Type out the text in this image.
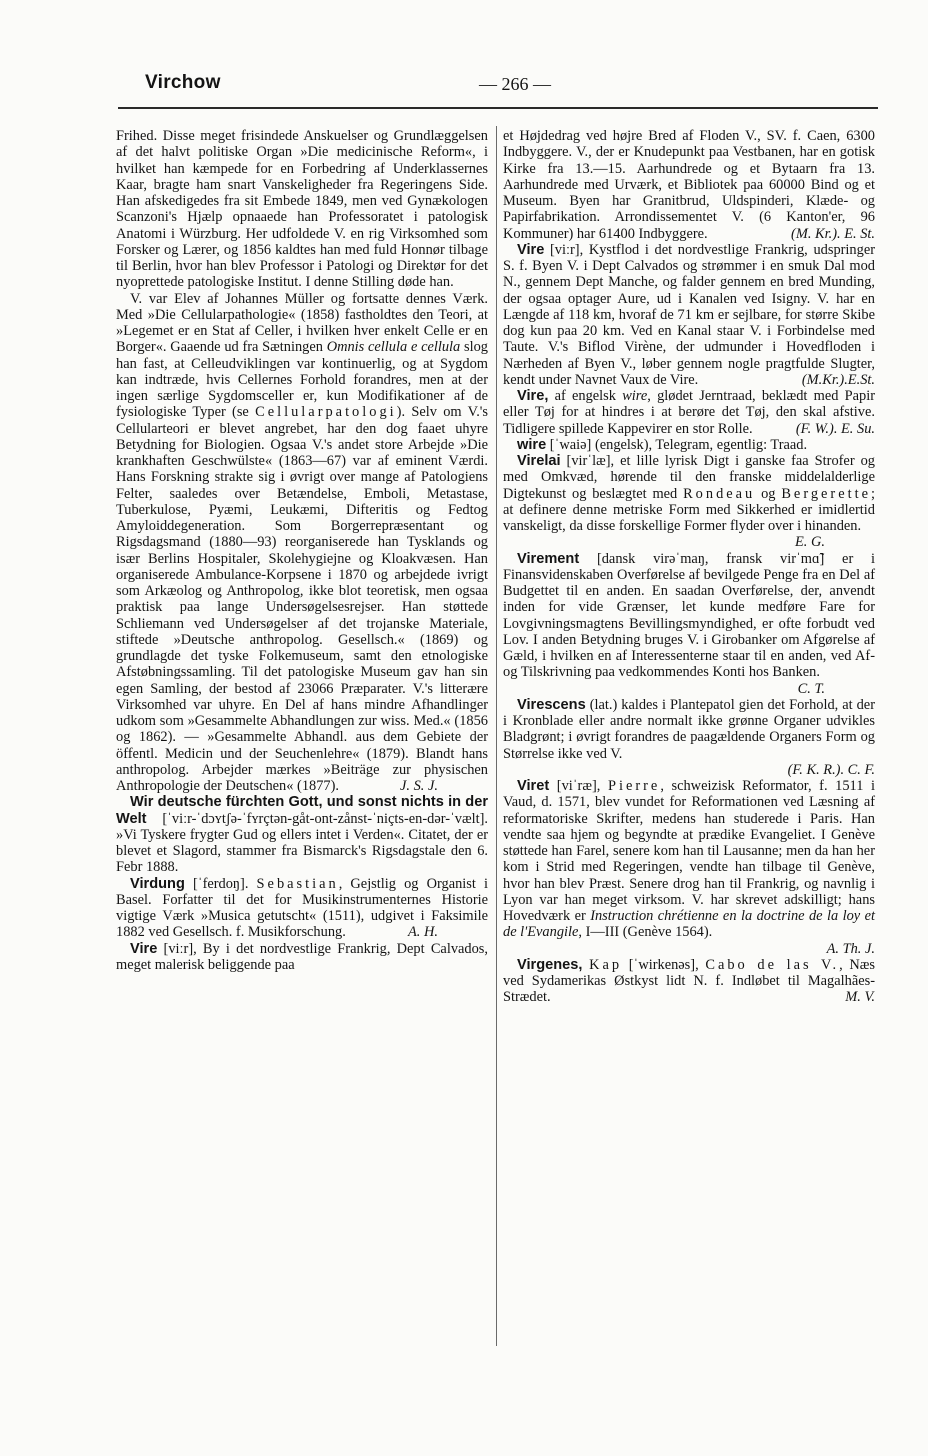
Virchow	— 266 —

Frihed. Disse meget frisindede Anskuelser og Grundlæggelsen af det halvt politiske Organ »Die medicinische Reform«, i hvilket han kæmpede for en Forbedring af Underklassernes Kaar, bragte ham snart Vanskeligheder fra Regeringens Side. Han afskedigedes fra sit Embede 1849, men ved Gynækologen Scanzoni's Hjælp opnaaede han Professoratet i patologisk Anatomi i Würzburg. Her udfoldede V. en rig Virksomhed som Forsker og Lærer, og 1856 kaldtes han med fuld Honnør tilbage til Berlin, hvor han blev Professor i Patologi og Direktør for det nyoprettede patologiske Institut. I denne Stilling døde han.

V. var Elev af Johannes Müller og fortsatte dennes Værk. Med »Die Cellularpathologie« (1858) fastholdtes den Teori, at »Legemet er en Stat af Celler, i hvilken hver enkelt Celle er en Borger«. Gaaende ud fra Sætningen Omnis cellula e cellula slog han fast, at Celleudviklingen var kontinuerlig, og at Sygdom kan indtræde, hvis Cellernes Forhold forandres, men at der ingen særlige Sygdomsceller er, kun Modifikationer af de fysiologiske Typer (se Cellularpatologi). Selv om V.'s Cellularteori er blevet angrebet, har den dog faaet uhyre Betydning for Biologien. Ogsaa V.'s andet store Arbejde »Die krankhaften Geschwülste« (1863—67) var af eminent Værdi. Hans Forskning strakte sig i øvrigt over mange af Patologiens Felter, saaledes over Betændelse, Emboli, Metastase, Tuberkulose, Pyæmi, Leukæmi, Difteritis og Fedtog Amyloiddegeneration. Som Borgerrepræsentant og Rigsdagsmand (1880—93) reorganiserede han Tysklands og især Berlins Hospitaler, Skolehygiejne og Kloakvæsen. Han organiserede Ambulance-Korpsene i 1870 og arbejdede ivrigt som Arkæolog og Anthropolog, ikke blot teoretisk, men ogsaa praktisk paa lange Undersøgelsesrejser. Han støttede Schliemann ved Undersøgelser af det trojanske Materiale, stiftede »Deutsche anthropolog. Gesellsch.« (1869) og grundlagde det tyske Folkemuseum, samt den etnologiske Afstøbningssamling. Til det patologiske Museum gav han sin egen Samling, der bestod af 23066 Præparater. V.'s litterære Virksomhed var uhyre. En Del af hans mindre Afhandlinger udkom som »Gesammelte Abhandlungen zur wiss. Med.« (1856 og 1862). — »Gesammelte Abhandl. aus dem Gebiete der öffentl. Medicin und der Seuchenlehre« (1879). Blandt hans anthropolog. Arbejder mærkes »Beiträge zur physischen Anthropologie der Deutschen« (1877).	J. S. J.

Wir deutsche fürchten Gott, und sonst nichts in der Welt [ˈviːr-ˈdɔʏtʃə-ˈfʏrçtən-gåt-ont-zånst-ˈniçts-en-dər-ˈvælt]. »Vi Tyskere frygter Gud og ellers intet i Verden«. Citatet, der er blevet et Slagord, stammer fra Bismarck's Rigsdagstale den 6. Febr 1888.

Virdung [ˈferdoŋ]. Sebastian, Gejstlig og Organist i Basel. Forfatter til det for Musikinstrumenternes Historie vigtige Værk »Musica getutscht« (1511), udgivet i Faksimile 1882 ved Gesellsch. f. Musikforschung.	A. H.

Vire [viːr], By i det nordvestlige Frankrig, Dept Calvados, meget malerisk beliggende paa

et Højdedrag ved højre Bred af Floden V., SV. f. Caen, 6300 Indbyggere. V., der er Knudepunkt paa Vestbanen, har en gotisk Kirke fra 13.—15. Aarhundrede og et Bytaarn fra 13. Aarhundrede med Urværk, et Bibliotek paa 60000 Bind og et Museum. Byen har Granitbrud, Uldspinderi, Klæde- og Papirfabrikation. Arrondissementet V. (6 Kanton'er, 96 Kommuner) har 61400 Indbyggere.	(M. Kr.). E. St.

Vire [viːr], Kystflod i det nordvestlige Frankrig, udspringer S. f. Byen V. i Dept Calvados og strømmer i en smuk Dal mod N., gennem Dept Manche, og falder gennem en bred Munding, der ogsaa optager Aure, ud i Kanalen ved Isigny. V. har en Længde af 118 km, hvoraf de 71 km er sejlbare, for større Skibe dog kun paa 20 km. Ved en Kanal staar V. i Forbindelse med Taute. V.'s Biflod Virène, der udmunder i Hovedfloden i Nærheden af Byen V., løber gennem nogle pragtfulde Slugter, kendt under Navnet Vaux de Vire.	(M.Kr.).E.St.

Vire, af engelsk wire, glødet Jerntraad, beklædt med Papir eller Tøj for at hindres i at berøre det Tøj, den skal afstive. Tidligere spillede Kappevirer en stor Rolle.	(F. W.). E. Su.

wire [ˈwaiə] (engelsk), Telegram, egentlig: Traad.

Virelai [virˈlæ], et lille lyrisk Digt i ganske faa Strofer og med Omkvæd, hørende til den franske middelalderlige Digtekunst og beslægtet med Rondeau og Bergerette; at definere denne metriske Form med Sikkerhed er imidlertid vanskeligt, da disse forskellige Former flyder over i hinanden.
E. G.

Virement [dansk virəˈmaŋ, fransk virˈmɑ̃] er i Finansvidenskaben Overførelse af bevilgede Penge fra en Del af Budgettet til en anden. En saadan Overførelse, der, anvendt inden for vide Grænser, let kunde medføre Fare for Lovgivningsmagtens Bevillingsmyndighed, er ofte forbudt ved Lov. I anden Betydning bruges V. i Girobanker om Afgørelse af Gæld, i hvilken en af Interessenterne staar til en anden, ved Af- og Tilskrivning paa vedkommendes Konti hos Banken.
C. T.

Virescens (lat.) kaldes i Plantepatol gien det Forhold, at der i Kronblade eller andre normalt ikke grønne Organer udvikles Bladgrønt; i øvrigt forandres de paagældende Organers Form og Størrelse ikke ved V.

(F. K. R.). C. F.

Viret [viˈræ], Pierre, schweizisk Reformator, f. 1511 i Vaud, d. 1571, blev vundet for Reformationen ved Læsning af reformatoriske Skrifter, medens han studerede i Paris. Han vendte saa hjem og begyndte at prædike Evangeliet. I Genève støttede han Farel, senere kom han til Lausanne; men da han her kom i Strid med Regeringen, vendte han tilbage til Genève, hvor han blev Præst. Senere drog han til Frankrig, og navnlig i Lyon var han meget virksom. V. har skrevet adskilligt; hans Hovedværk er Instruction chrétienne en la doctrine de la loy et de l'Evangile, I—III (Genève 1564).

A. Th. J.

Virgenes, Kap [ˈwirkenəs], Cabo de las V., Næs ved Sydamerikas Østkyst lidt N. f. Indløbet til Magalhães-Strædet.	M. V.
